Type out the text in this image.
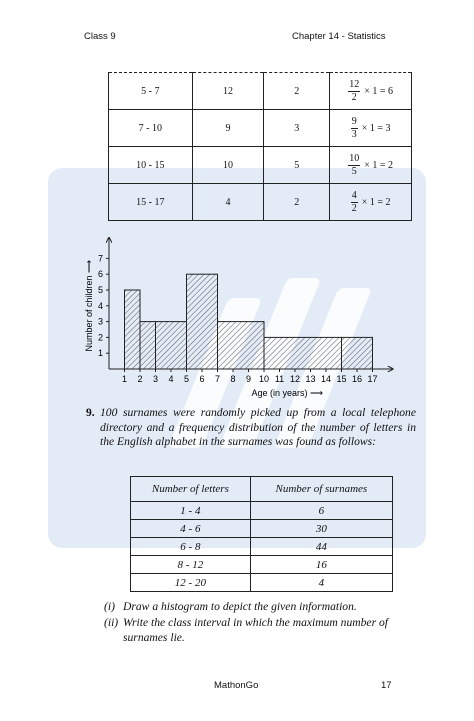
Class 9	Chapter 14 - Statistics
5 - 7	12	2	$\frac{12}{2} \times 1 = 6$
7 - 10	9	3	$\frac{9}{3} \times 1 = 3$
10 - 15	10	5	$\frac{10}{5} \times 1 = 2$
15 - 17	4	2	$\frac{4}{2} \times 1 = 2$
1 2 3 4 5 6 7 8 9 10 11 12 13 14 15 16 17
1
2
3
4
5
6
7
Age (in years) ⟶
Number of children ⟶
9. 100 surnames were randomly picked up from a local telephone directory and a frequency distribution of the number of letters in the English alphabet in the surnames was found as follows:
Number of letters	Number of surnames
1 - 4	6
4 - 6	30
6 - 8	44
8 - 12	16
12 - 20	4
(i) Draw a histogram to depict the given information.
(ii) Write the class interval in which the maximum number of surnames lie.
MathonGo	17
